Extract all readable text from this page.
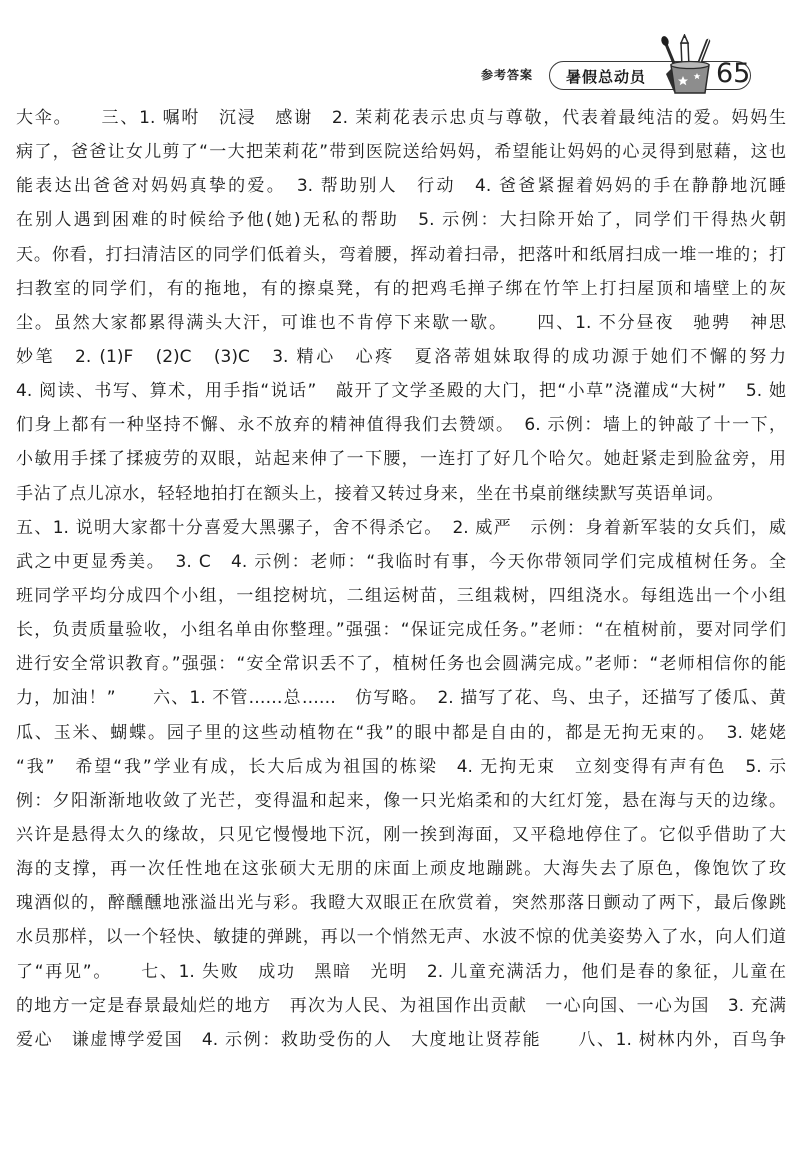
参考答案 暑假总动员	65
大伞。　　三、1. 嘱咐　沉浸　感谢　2. 茉莉花表示忠贞与尊敬，代表着最纯洁的爱。妈妈生
病了，爸爸让女儿剪了“一大把茉莉花”带到医院送给妈妈，希望能让妈妈的心灵得到慰藉，这也
能表达出爸爸对妈妈真挚的爱。　3. 帮助别人　行动　4. 爸爸紧握着妈妈的手在静静地沉睡
在别人遇到困难的时候给予他(她)无私的帮助　5. 示例：大扫除开始了，同学们干得热火朝
天。你看，打扫清洁区的同学们低着头，弯着腰，挥动着扫帚，把落叶和纸屑扫成一堆一堆的；打
扫教室的同学们，有的拖地，有的擦桌凳，有的把鸡毛掸子绑在竹竿上打扫屋顶和墙壁上的灰
尘。虽然大家都累得满头大汗，可谁也不肯停下来歇一歇。　　四、1. 不分昼夜　驰骋　神思
妙笔　2. (1)F　(2)C　(3)C　3. 精心　心疼　夏洛蒂姐妹取得的成功源于她们不懈的努力
4. 阅读、书写、算术，用手指“说话”　敲开了文学圣殿的大门，把“小草”浇灌成“大树”　5. 她
们身上都有一种坚持不懈、永不放弃的精神值得我们去赞颂。　6. 示例：墙上的钟敲了十一下，
小敏用手揉了揉疲劳的双眼，站起来伸了一下腰，一连打了好几个哈欠。她赶紧走到脸盆旁，用
手沾了点儿凉水，轻轻地拍打在额头上，接着又转过身来，坐在书桌前继续默写英语单词。
五、1. 说明大家都十分喜爱大黑骡子，舍不得杀它。　2. 威严　示例：身着新军装的女兵们，威
武之中更显秀美。　3. C　4. 示例：老师：“我临时有事，今天你带领同学们完成植树任务。全
班同学平均分成四个小组，一组挖树坑，二组运树苗，三组栽树，四组浇水。每组选出一个小组
长，负责质量验收，小组名单由你整理。”强强：“保证完成任务。”老师：“在植树前，要对同学们
进行安全常识教育。”强强：“安全常识丢不了，植树任务也会圆满完成。”老师：“老师相信你的能
力，加油！”　　六、1. 不管……总……　仿写略。　2. 描写了花、鸟、虫子，还描写了倭瓜、黄
瓜、玉米、蝴蝶。园子里的这些动植物在“我”的眼中都是自由的，都是无拘无束的。　3. 姥姥
“我”　希望“我”学业有成，长大后成为祖国的栋梁　4. 无拘无束　立刻变得有声有色　5. 示
例：夕阳渐渐地收敛了光芒，变得温和起来，像一只光焰柔和的大红灯笼，悬在海与天的边缘。
兴许是悬得太久的缘故，只见它慢慢地下沉，刚一挨到海面，又平稳地停住了。它似乎借助了大
海的支撑，再一次任性地在这张硕大无朋的床面上顽皮地蹦跳。大海失去了原色，像饱饮了玫
瑰酒似的，醉醺醺地涨溢出光与彩。我瞪大双眼正在欣赏着，突然那落日颤动了两下，最后像跳
水员那样，以一个轻快、敏捷的弹跳，再以一个悄然无声、水波不惊的优美姿势入了水，向人们道
了“再见”。　　七、1. 失败　成功　黑暗　光明　2. 儿童充满活力，他们是春的象征，儿童在
的地方一定是春景最灿烂的地方　再次为人民、为祖国作出贡献　一心向国、一心为国　3. 充满
爱心　谦虚博学爱国　4. 示例：救助受伤的人　大度地让贤荐能　　八、1. 树林内外，百鸟争
